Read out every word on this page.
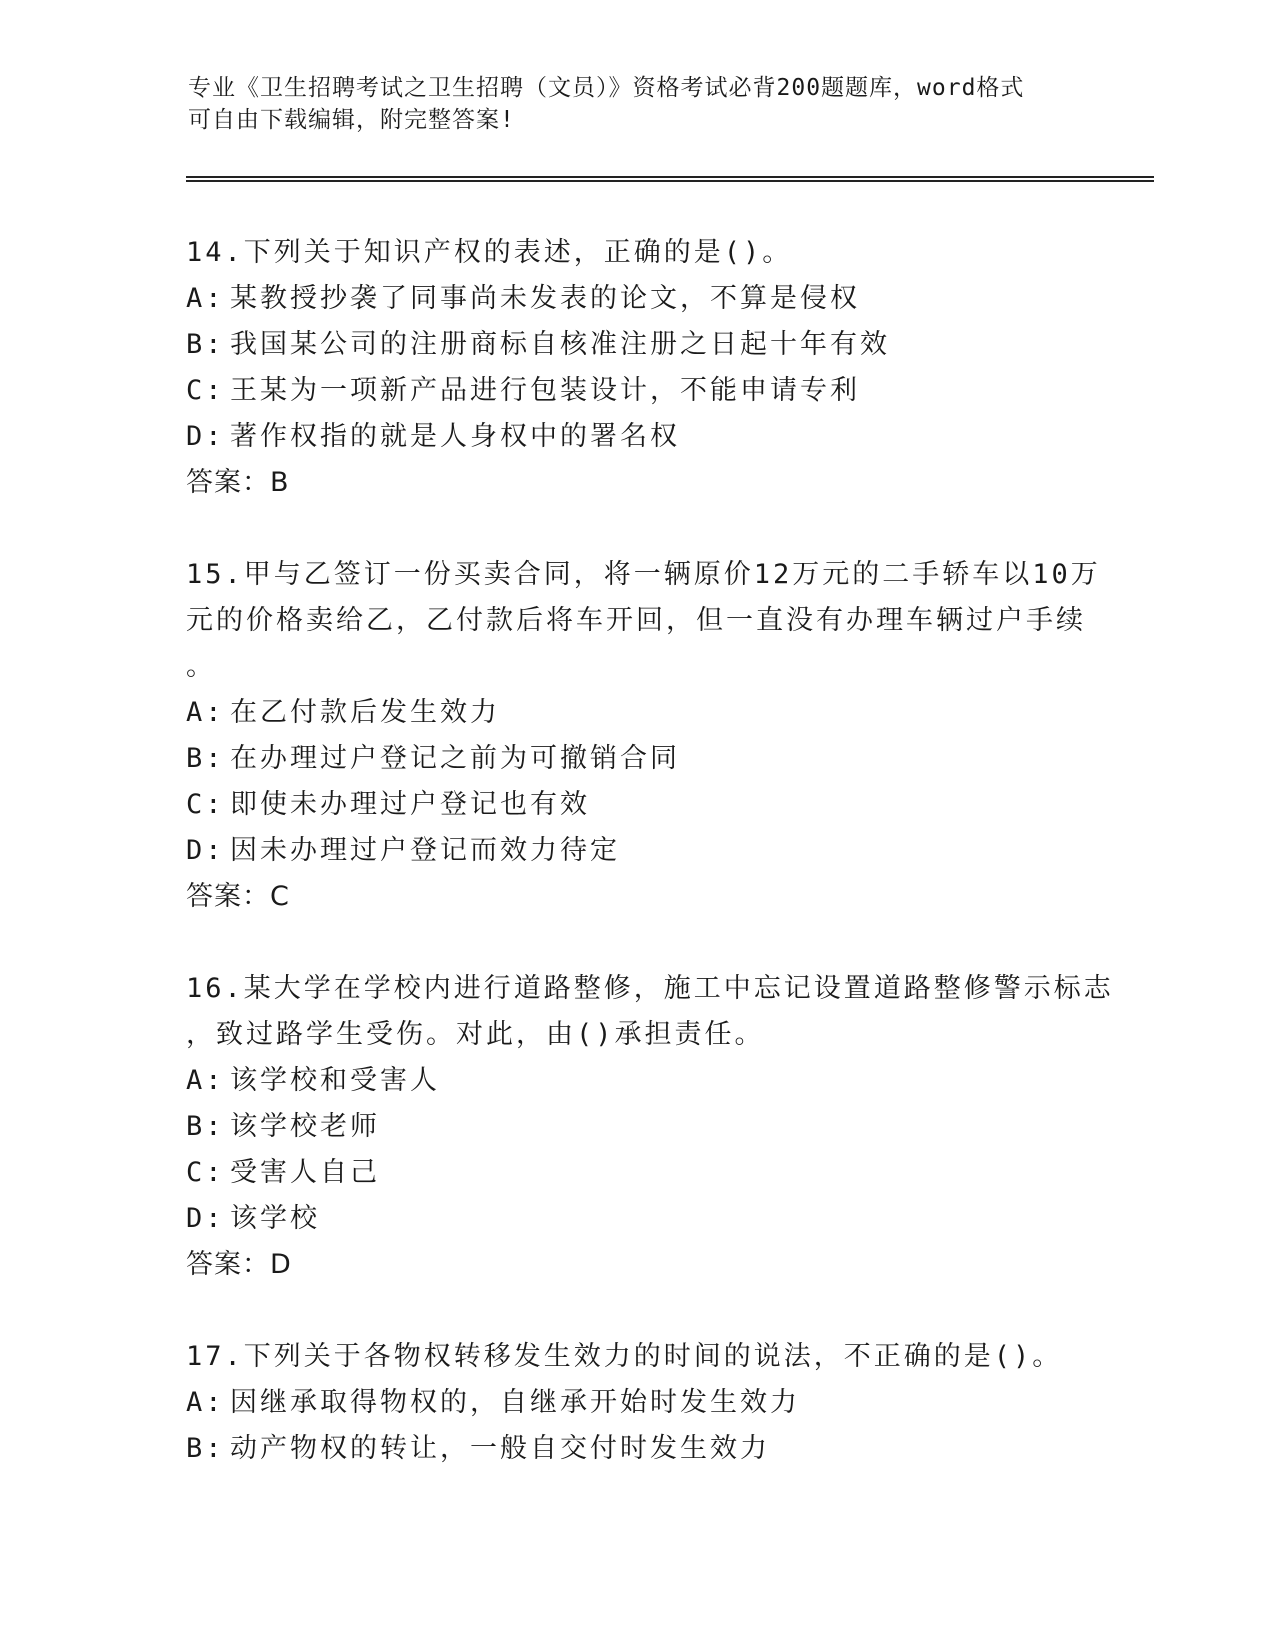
专业《卫生招聘考试之卫生招聘（文员）》资格考试必背200题题库，word格式
可自由下载编辑，附完整答案!
14.下列关于知识产权的表述，正确的是()。
A: 某教授抄袭了同事尚未发表的论文，不算是侵权
B: 我国某公司的注册商标自核准注册之日起十年有效
C: 王某为一项新产品进行包装设计，不能申请专利
D: 著作权指的就是人身权中的署名权
答案：B
15.甲与乙签订一份买卖合同，将一辆原价12万元的二手轿车以10万
元的价格卖给乙，乙付款后将车开回，但一直没有办理车辆过户手续
。
A: 在乙付款后发生效力
B: 在办理过户登记之前为可撤销合同
C: 即使未办理过户登记也有效
D: 因未办理过户登记而效力待定
答案：C
16.某大学在学校内进行道路整修，施工中忘记设置道路整修警示标志
，致过路学生受伤。对此，由()承担责任。
A: 该学校和受害人
B: 该学校老师
C: 受害人自己
D: 该学校
答案：D
17.下列关于各物权转移发生效力的时间的说法，不正确的是()。
A: 因继承取得物权的，自继承开始时发生效力
B: 动产物权的转让，一般自交付时发生效力
